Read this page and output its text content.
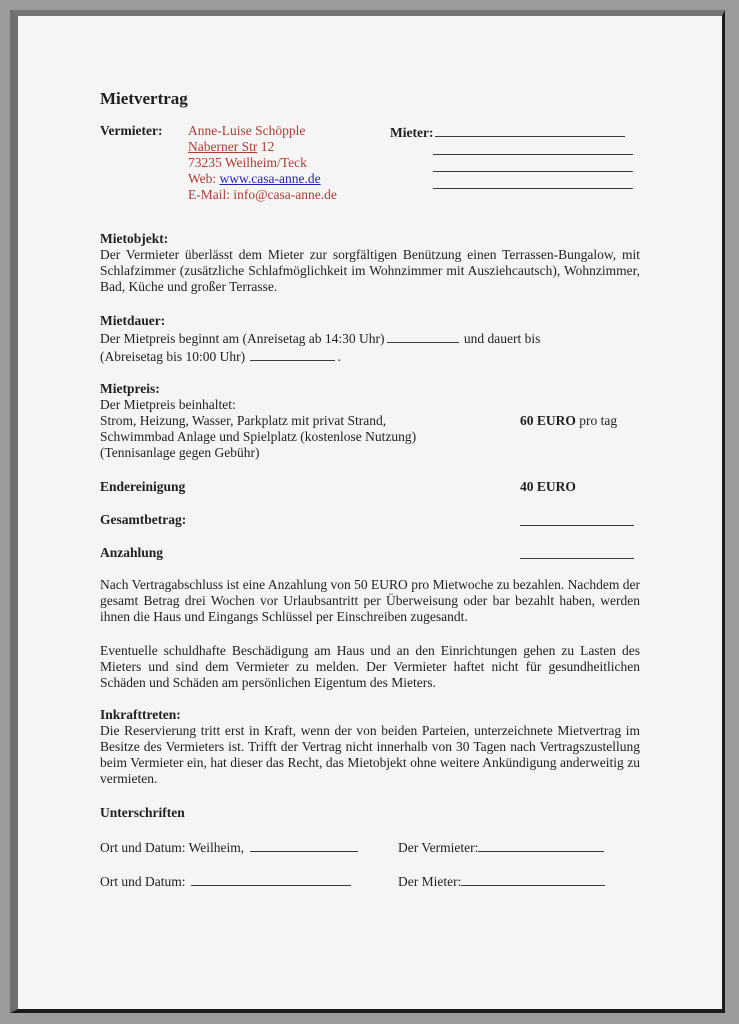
Mietvertrag
Vermieter:	Anne-Luise Schöpple
Naberner Str 12
73235 Weilheim/Teck
Web: www.casa-anne.de
E-Mail: info@casa-anne.de
Mieter:
Mietobjekt:
Der Vermieter überlässt dem Mieter zur sorgfältigen Benützung einen Terrassen-Bungalow, mit Schlafzimmer (zusätzliche Schlafmöglichkeit im Wohnzimmer mit Ausziehcautsch), Wohnzimmer, Bad, Küche und großer Terrasse.
Mietdauer:
Der Mietpreis beginnt am (Anreisetag ab 14:30 Uhr)	und dauert bis
(Abreisetag bis 10:00 Uhr)	.
Mietpreis:
Der Mietpreis beinhaltet:
Strom, Heizung, Wasser, Parkplatz mit privat Strand,	60 EURO pro tag
Schwimmbad Anlage und Spielplatz (kostenlose Nutzung)
(Tennisanlage gegen Gebühr)
Endereinigung	40 EURO
Gesamtbetrag:
Anzahlung
Nach Vertragabschluss ist eine Anzahlung von 50 EURO pro Mietwoche zu bezahlen. Nachdem der gesamt Betrag drei Wochen vor Urlaubsantritt per Überweisung oder bar bezahlt haben, werden ihnen die Haus und Eingangs Schlüssel per Einschreiben zugesandt.
Eventuelle schuldhafte Beschädigung am Haus und an den Einrichtungen gehen zu Lasten des Mieters und sind dem Vermieter zu melden. Der Vermieter haftet nicht für gesundheitlichen Schäden und Schäden am persönlichen Eigentum des Mieters.
Inkrafttreten:
Die Reservierung tritt erst in Kraft, wenn der von beiden Parteien, unterzeichnete Mietvertrag im Besitze des Vermieters ist. Trifft der Vertrag nicht innerhalb von 30 Tagen nach Vertragszustellung beim Vermieter ein, hat dieser das Recht, das Mietobjekt ohne weitere Ankündigung anderweitig zu vermieten.
Unterschriften
Ort und Datum: Weilheim,	Der Vermieter:
Ort und Datum:	Der Mieter:
